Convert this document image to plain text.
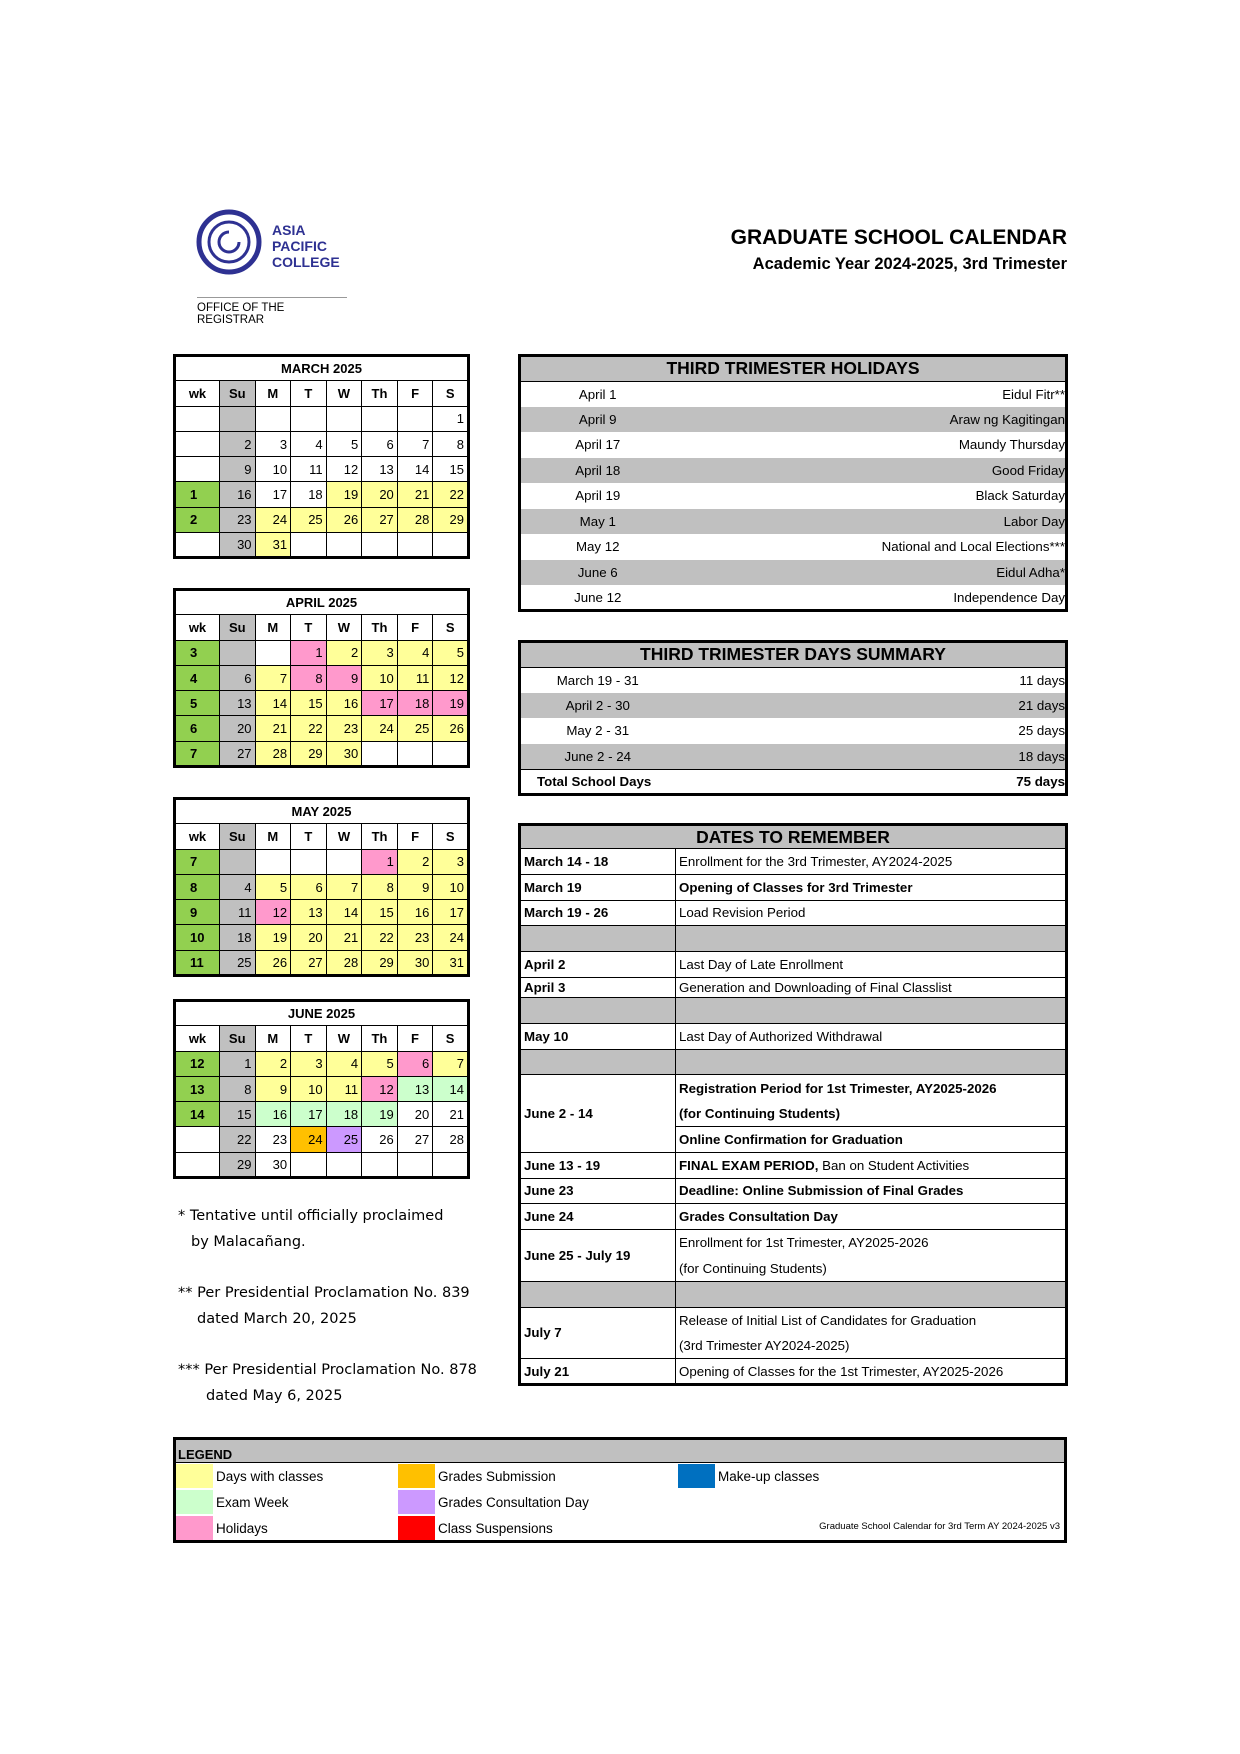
ASIA
PACIFIC
COLLEGE
OFFICE OF THE REGISTRAR
GRADUATE SCHOOL CALENDAR
Academic Year 2024-2025, 3rd Trimester
MARCH 2025							
wk	Su	M	T	W	Th	F	S
							1
	2	3	4	5	6	7	8
	9	10	11	12	13	14	15
1	16	17	18	19	20	21	22
2	23	24	25	26	27	28	29
	30	31					
APRIL 2025							
wk	Su	M	T	W	Th	F	S
3			1	2	3	4	5
4	6	7	8	9	10	11	12
5	13	14	15	16	17	18	19
6	20	21	22	23	24	25	26
7	27	28	29	30			
MAY 2025							
wk	Su	M	T	W	Th	F	S
7					1	2	3
8	4	5	6	7	8	9	10
9	11	12	13	14	15	16	17
10	18	19	20	21	22	23	24
11	25	26	27	28	29	30	31
JUNE 2025							
wk	Su	M	T	W	Th	F	S
12	1	2	3	4	5	6	7
13	8	9	10	11	12	13	14
14	15	16	17	18	19	20	21
	22	23	24	25	26	27	28
	29	30					
THIRD TRIMESTER HOLIDAYS	
April 1	Eidul Fitr**
April 9	Araw ng Kagitingan
April 17	Maundy Thursday
April 18	Good Friday
April 19	Black Saturday
May 1	Labor Day
May 12	National and Local Elections***
June 6	Eidul Adha*
June 12	Independence Day
THIRD TRIMESTER DAYS SUMMARY	
March 19 - 31	11 days
April 2 - 30	21 days
May 2 - 31	25 days
June 2 - 24	18 days
Total School Days	75 days
DATES TO REMEMBER	
March 14 - 18	Enrollment for the 3rd Trimester, AY2024-2025
March 19	Opening of Classes for 3rd Trimester
March 19 - 26	Load Revision Period

April 2	Last Day of Late Enrollment
April 3	Generation and Downloading of Final Classlist

May 10	Last Day of Authorized Withdrawal

June 2 - 14	Registration Period for 1st Trimester, AY2025-2026
	(for Continuing Students)
	Online Confirmation for Graduation
June 13 - 19	FINAL EXAM PERIOD, Ban on Student Activities
June 23	Deadline: Online Submission of Final Grades
June 24	Grades Consultation Day
June 25 - July 19	Enrollment for 1st Trimester, AY2025-2026
	(for Continuing Students)

July 7	Release of Initial List of Candidates for Graduation
	(3rd Trimester AY2024-2025)
July 21	Opening of Classes for the 1st Trimester, AY2025-2026
* Tentative until officially proclaimed
by Malacañang.
** Per Presidential Proclamation No. 839
dated March 20, 2025
*** Per Presidential Proclamation No. 878
dated May 6, 2025
LEGEND
Days with classes
Exam Week
Holidays
Grades Submission
Grades Consultation Day
Class Suspensions
Make-up classes
Graduate School Calendar for 3rd Term AY 2024-2025 v3
